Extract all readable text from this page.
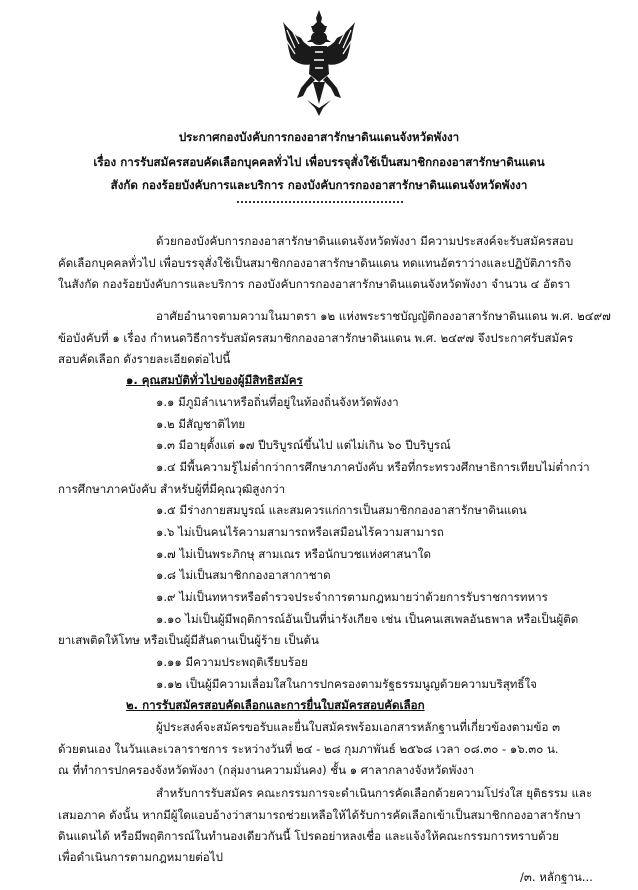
ประกาศกองบังคับการกองอาสารักษาดินแดนจังหวัดพังงา
เรื่อง การรับสมัครสอบคัดเลือกบุคคลทั่วไป เพื่อบรรจุสั่งใช้เป็นสมาชิกกองอาสารักษาดินแดน
สังกัด กองร้อยบังคับการและบริการ กองบังคับการกองอาสารักษาดินแดนจังหวัดพังงา
ด้วยกองบังคับการกองอาสารักษาดินแดนจังหวัดพังงา มีความประสงค์จะรับสมัครสอบ
คัดเลือกบุคคลทั่วไป เพื่อบรรจุสั่งใช้เป็นสมาชิกกองอาสารักษาดินแดน ทดแทนอัตราว่างและปฏิบัติภารกิจ
ในสังกัด กองร้อยบังคับการและบริการ กองบังคับการกองอาสารักษาดินแดนจังหวัดพังงา จำนวน ๔ อัตรา
อาศัยอำนาจตามความในมาตรา ๑๒ แห่งพระราชบัญญัติกองอาสารักษาดินแดน พ.ศ. ๒๔๙๗
ข้อบังคับที่ ๑ เรื่อง กำหนดวิธีการรับสมัครสมาชิกกองอาสารักษาดินแดน พ.ศ. ๒๔๙๗ จึงประกาศรับสมัคร
สอบคัดเลือก ดังรายละเอียดต่อไปนี้
๑. คุณสมบัติทั่วไปของผู้มีสิทธิสมัคร
๑.๑ มีภูมิลำเนาหรือถิ่นที่อยู่ในท้องถิ่นจังหวัดพังงา
๑.๒ มีสัญชาติไทย
๑.๓ มีอายุตั้งแต่ ๑๗ ปีบริบูรณ์ขึ้นไป แต่ไม่เกิน ๖๐ ปีบริบูรณ์
๑.๔ มีพื้นความรู้ไม่ต่ำกว่าการศึกษาภาคบังคับ หรือที่กระทรวงศึกษาธิการเทียบไม่ต่ำกว่า
การศึกษาภาคบังคับ สำหรับผู้ที่มีคุณวุฒิสูงกว่า
๑.๕ มีร่างกายสมบูรณ์ และสมควรแก่การเป็นสมาชิกกองอาสารักษาดินแดน
๑.๖ ไม่เป็นคนไร้ความสามารถหรือเสมือนไร้ความสามารถ
๑.๗ ไม่เป็นพระภิกษุ สามเณร หรือนักบวชแห่งศาสนาใด
๑.๘ ไม่เป็นสมาชิกกองอาสากาชาด
๑.๙ ไม่เป็นทหารหรือตำรวจประจำการตามกฎหมายว่าด้วยการรับราชการทหาร
๑.๑๐ ไม่เป็นผู้มีพฤติการณ์อันเป็นที่น่ารังเกียจ เช่น เป็นคนเสเพลอันธพาล หรือเป็นผู้ติด
ยาเสพติดให้โทษ หรือเป็นผู้มีสันดานเป็นผู้ร้าย เป็นต้น
๑.๑๑ มีความประพฤติเรียบร้อย
๑.๑๒ เป็นผู้มีความเลื่อมใสในการปกครองตามรัฐธรรมนูญด้วยความบริสุทธิ์ใจ
๒. การรับสมัครสอบคัดเลือกและการยื่นใบสมัครสอบคัดเลือก
ผู้ประสงค์จะสมัครขอรับและยื่นใบสมัครพร้อมเอกสารหลักฐานที่เกี่ยวข้องตามข้อ ๓
ด้วยตนเอง ในวันและเวลาราชการ ระหว่างวันที่ ๒๔ - ๒๘ กุมภาพันธ์ ๒๕๖๘ เวลา ๐๘.๓๐ - ๑๖.๓๐ น.
ณ ที่ทำการปกครองจังหวัดพังงา (กลุ่มงานความมั่นคง) ชั้น ๑ ศาลากลางจังหวัดพังงา
สำหรับการรับสมัคร คณะกรรมการจะดำเนินการคัดเลือกด้วยความโปร่งใส ยุติธรรม และ
เสมอภาค ดังนั้น หากมีผู้ใดแอบอ้างว่าสามารถช่วยเหลือให้ได้รับการคัดเลือกเข้าเป็นสมาชิกกองอาสารักษา
ดินแดนได้ หรือมีพฤติการณ์ในทำนองเดียวกันนี้ โปรดอย่าหลงเชื่อ และแจ้งให้คณะกรรมการทราบด้วย
เพื่อดำเนินการตามกฎหมายต่อไป
/๓. หลักฐาน...
